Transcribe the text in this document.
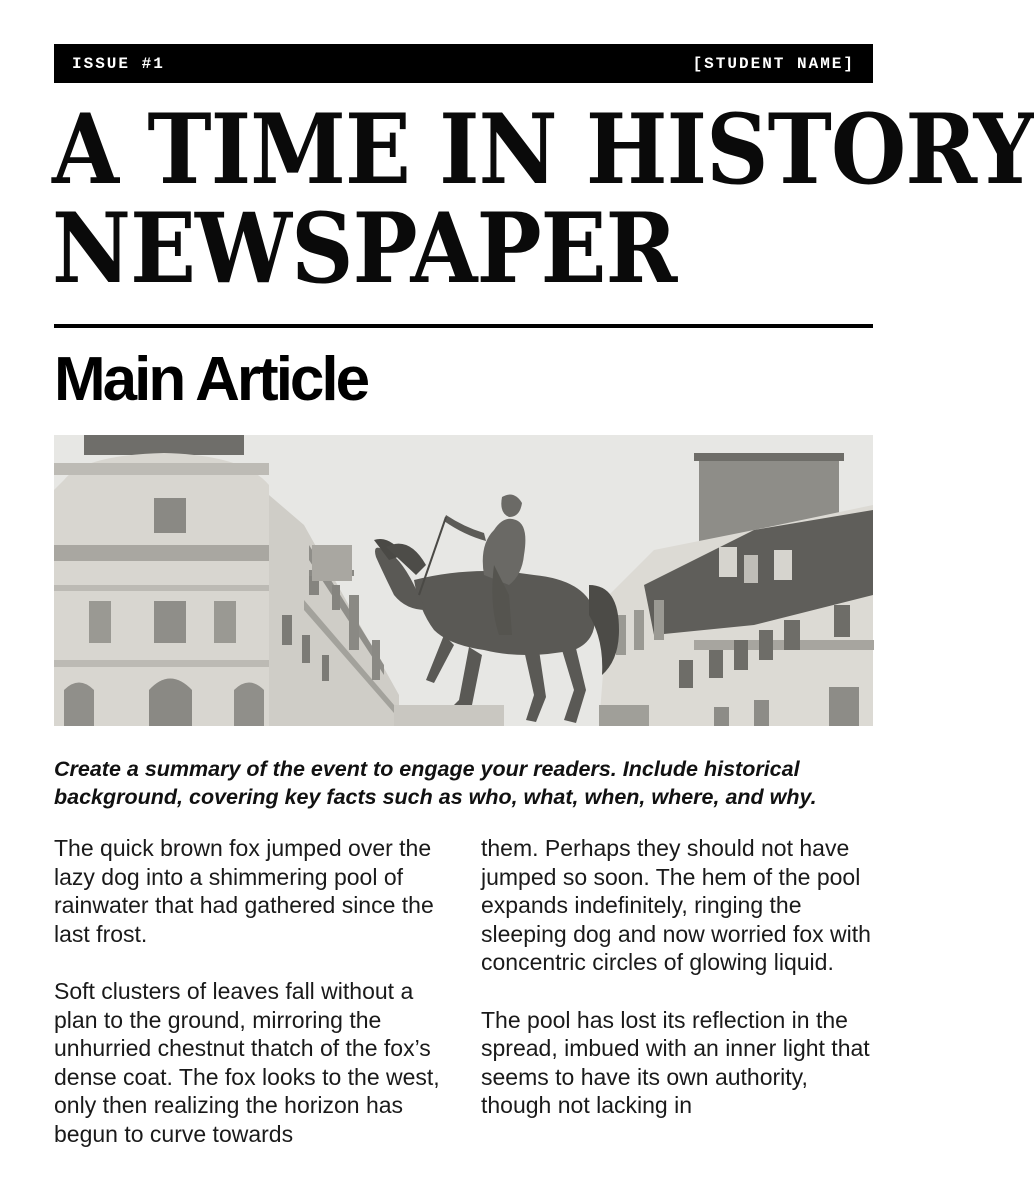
ISSUE #1	[STUDENT NAME]
A TIME IN HISTORY
NEWSPAPER
Main Article

Create a summary of the event to engage your readers. Include historical background, covering key facts such as who, what, when, where, and why.

The quick brown fox jumped over the lazy dog into a shimmering pool of rainwater that had gathered since the last frost.

Soft clusters of leaves fall without a plan to the ground, mirroring the unhurried chestnut thatch of the fox’s dense coat. The fox looks to the west, only then realizing the horizon has begun to curve towards

them. Perhaps they should not have jumped so soon. The hem of the pool expands indefinitely, ringing the sleeping dog and now worried fox with concentric circles of glowing liquid.

The pool has lost its reflection in the spread, imbued with an inner light that seems to have its own authority, though not lacking in
